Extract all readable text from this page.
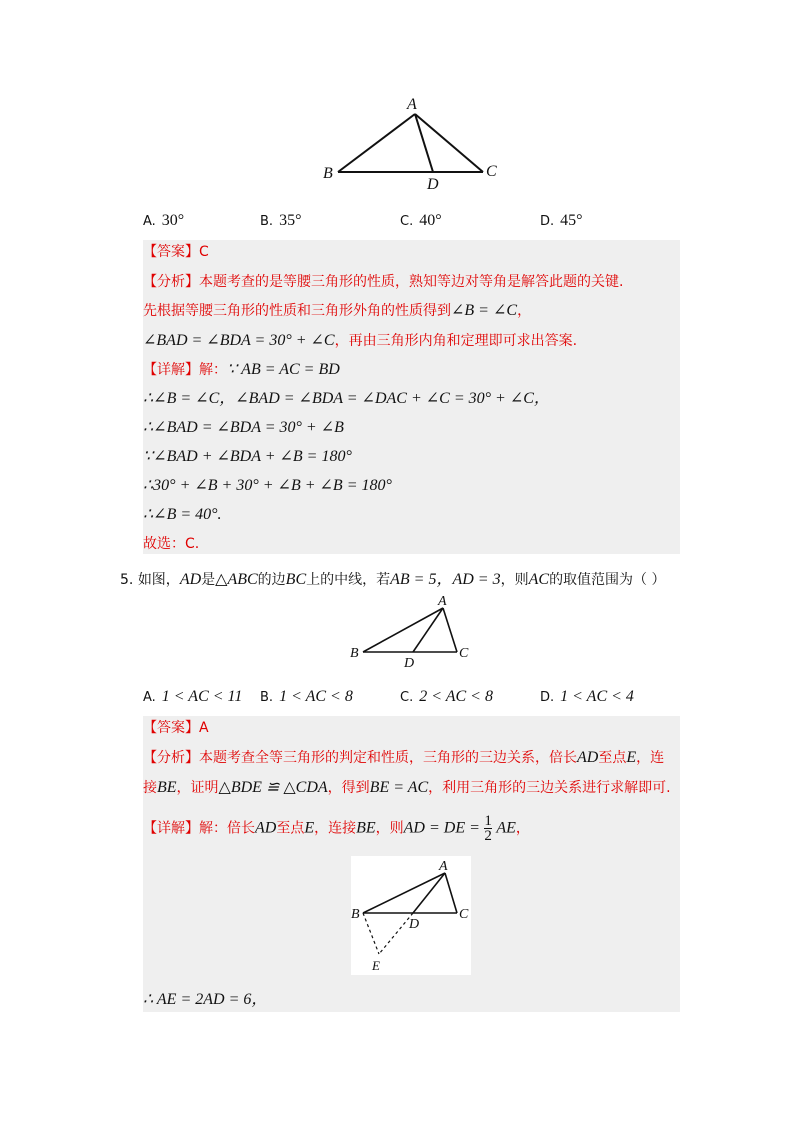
A
B	C
D
A. 30°	B. 35°	C. 40°	D. 45°
【答案】C
【分析】本题考查的是等腰三角形的性质，熟知等边对等角是解答此题的关键.
先根据等腰三角形的性质和三角形外角的性质得到∠B = ∠C，
∠BAD = ∠BDA = 30° + ∠C，再由三角形内角和定理即可求出答案.
【详解】解：∵ AB = AC = BD
∴∠B = ∠C，∠BAD = ∠BDA = ∠DAC + ∠C = 30° + ∠C，
∴∠BAD = ∠BDA = 30° + ∠B
∵∠BAD + ∠BDA + ∠B = 180°
∴30° + ∠B + 30° + ∠B + ∠B = 180°
∴∠B = 40°.
故选：C.
5. 如图，AD是△ABC的边BC上的中线，若AB = 5，AD = 3，则AC的取值范围为（ ）
A
B	C
D
A. 1 < AC < 11 B. 1 < AC < 8	C. 2 < AC < 8	D. 1 < AC < 4
【答案】A
【分析】本题考查全等三角形的判定和性质，三角形的三边关系，倍长AD至点E，连
接BE，证明△BDE ≌ △CDA，得到BE = AC，利用三角形的三边关系进行求解即可.
【详解】解：倍长AD至点E，连接BE，则AD = DE = $\frac{1}{2}$ AE，
A
B	C
D
E
∴ AE = 2AD = 6，
